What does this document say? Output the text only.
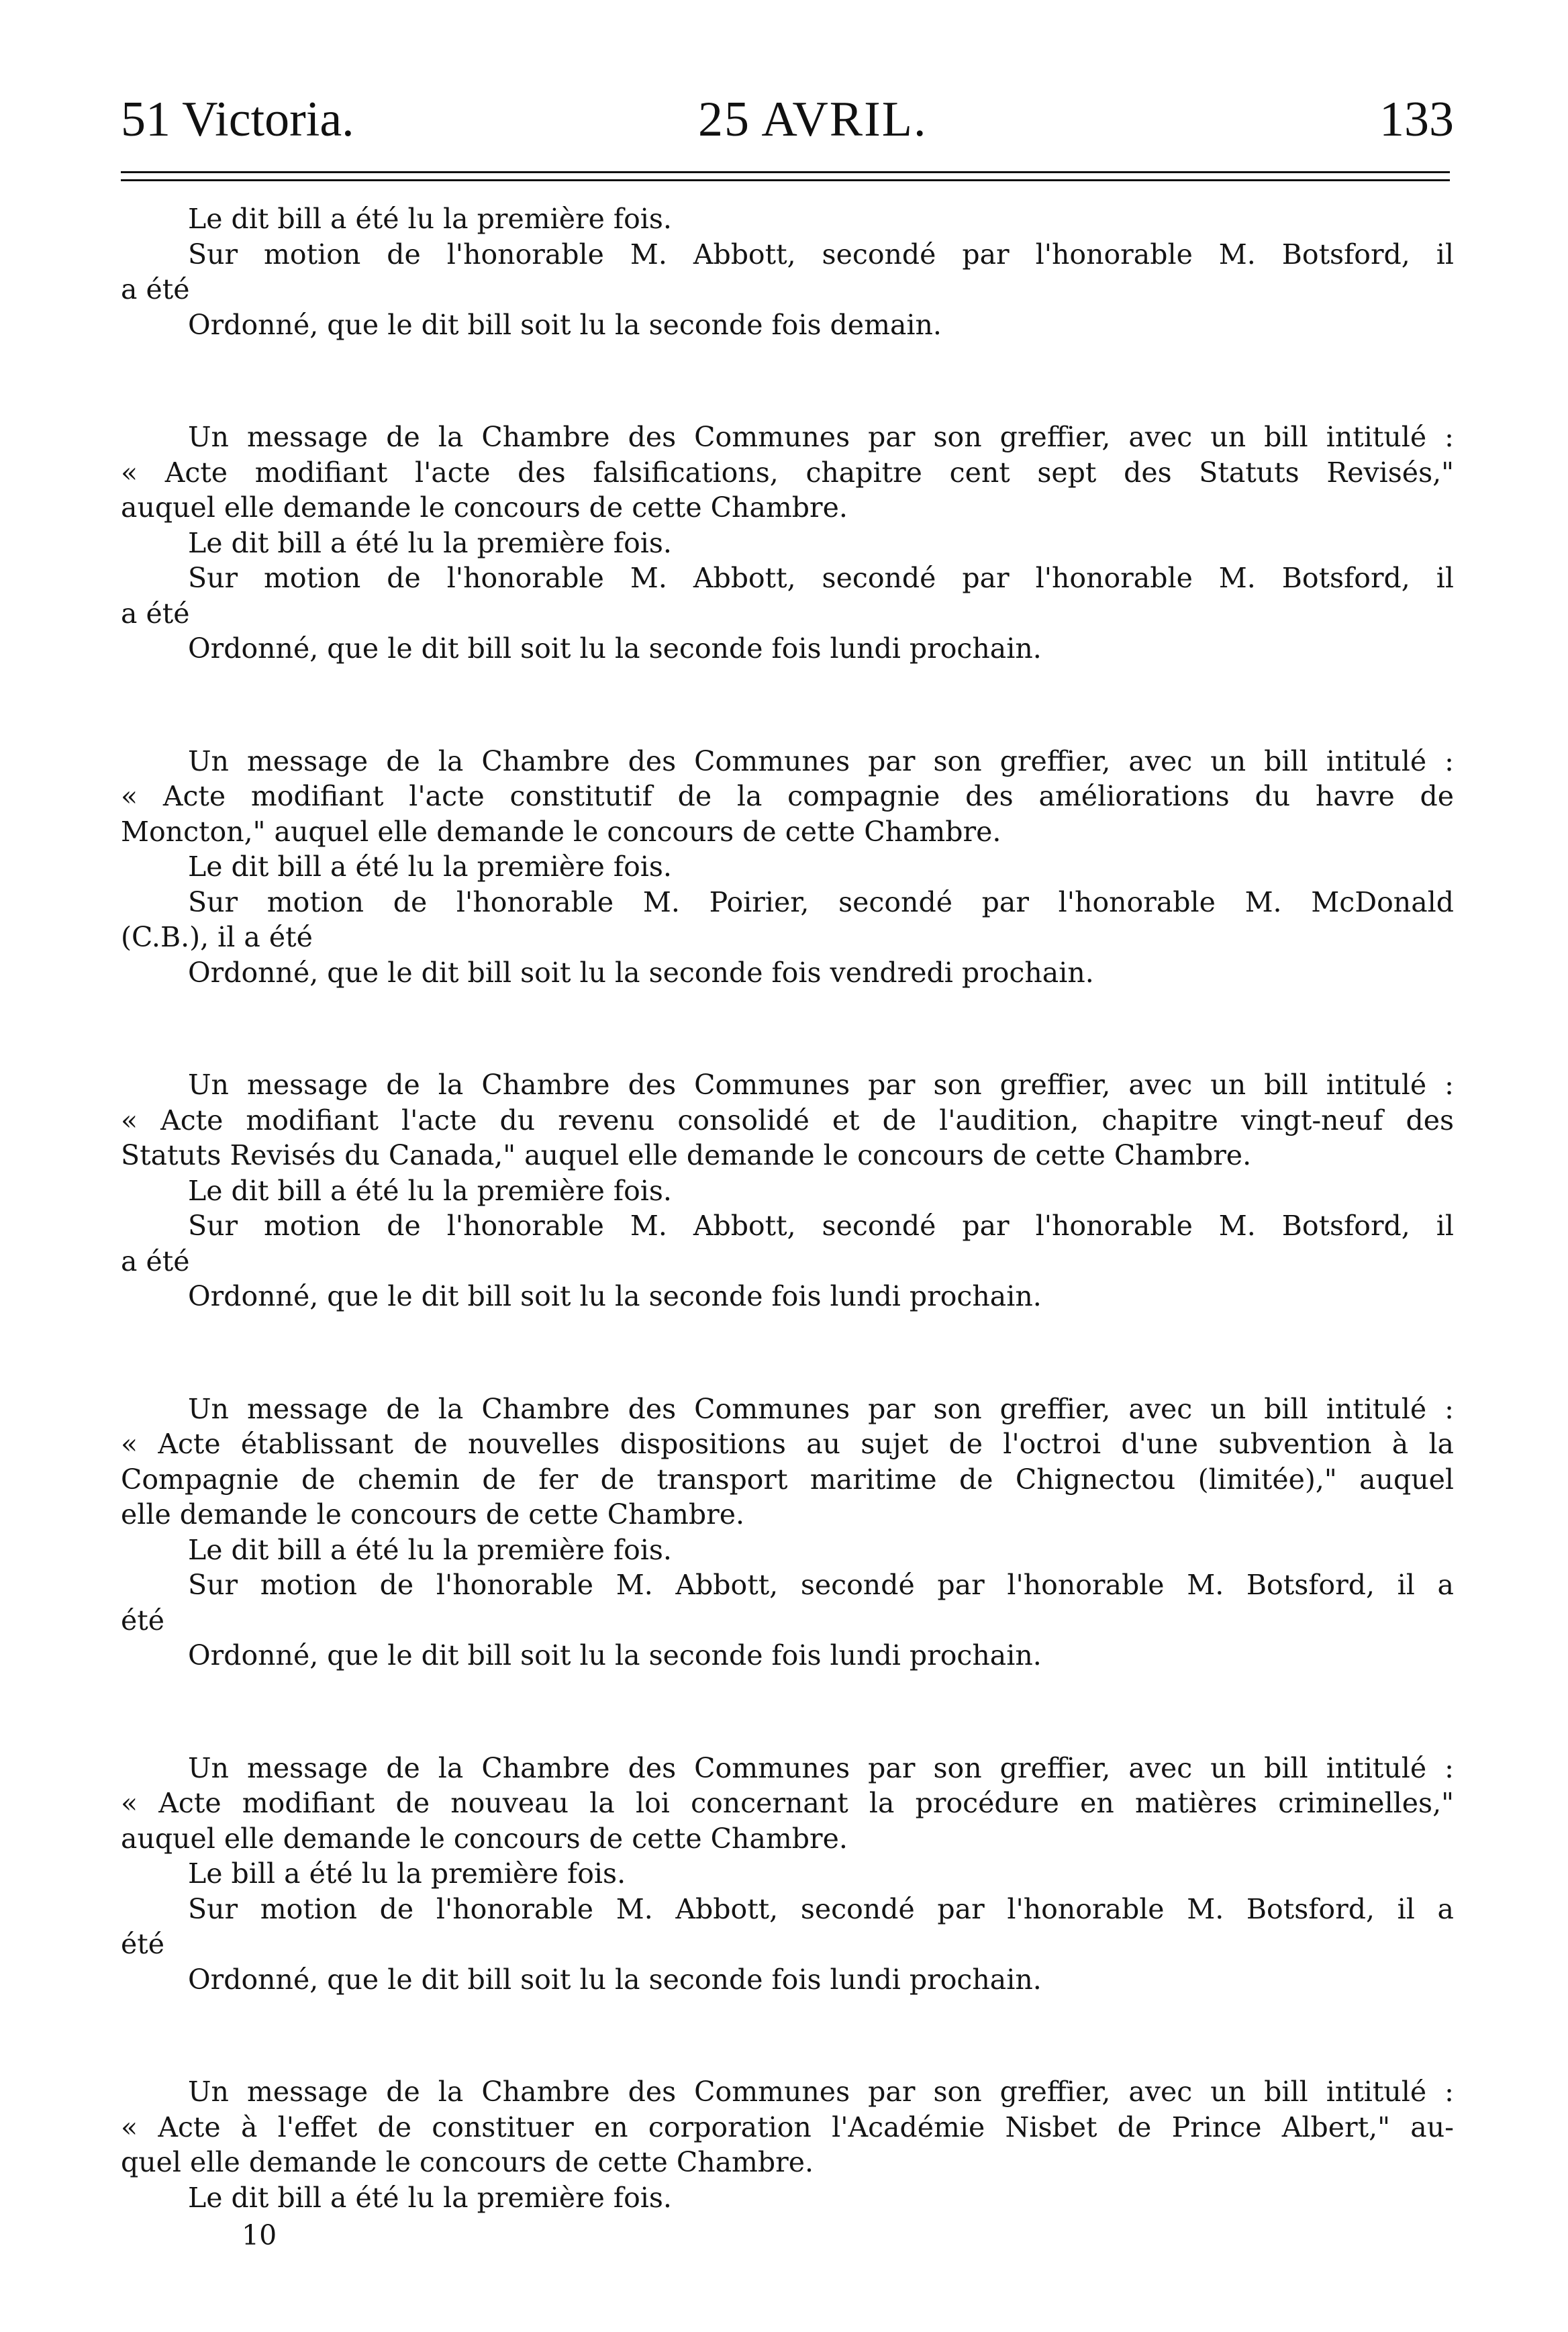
51 Victoria.	25 AVRIL.	133
Le dit bill a été lu la première fois.
Sur motion de l'honorable M. Abbott, secondé par l'honorable M. Botsford, il
a été
Ordonné, que le dit bill soit lu la seconde fois demain.
Un message de la Chambre des Communes par son greffier, avec un bill intitulé :
« Acte modifiant l'acte des falsifications, chapitre cent sept des Statuts Revisés,"
auquel elle demande le concours de cette Chambre.
Le dit bill a été lu la première fois.
Sur motion de l'honorable M. Abbott, secondé par l'honorable M. Botsford, il
a été
Ordonné, que le dit bill soit lu la seconde fois lundi prochain.
Un message de la Chambre des Communes par son greffier, avec un bill intitulé :
« Acte modifiant l'acte constitutif de la compagnie des améliorations du havre de
Moncton," auquel elle demande le concours de cette Chambre.
Le dit bill a été lu la première fois.
Sur motion de l'honorable M. Poirier, secondé par l'honorable M. McDonald
(C.B.), il a été
Ordonné, que le dit bill soit lu la seconde fois vendredi prochain.
Un message de la Chambre des Communes par son greffier, avec un bill intitulé :
« Acte modifiant l'acte du revenu consolidé et de l'audition, chapitre vingt-neuf des
Statuts Revisés du Canada," auquel elle demande le concours de cette Chambre.
Le dit bill a été lu la première fois.
Sur motion de l'honorable M. Abbott, secondé par l'honorable M. Botsford, il
a été
Ordonné, que le dit bill soit lu la seconde fois lundi prochain.
Un message de la Chambre des Communes par son greffier, avec un bill intitulé :
« Acte établissant de nouvelles dispositions au sujet de l'octroi d'une subvention à la
Compagnie de chemin de fer de transport maritime de Chignectou (limitée)," auquel
elle demande le concours de cette Chambre.
Le dit bill a été lu la première fois.
Sur motion de l'honorable M. Abbott, secondé par l'honorable M. Botsford, il a
été
Ordonné, que le dit bill soit lu la seconde fois lundi prochain.
Un message de la Chambre des Communes par son greffier, avec un bill intitulé :
« Acte modifiant de nouveau la loi concernant la procédure en matières criminelles,"
auquel elle demande le concours de cette Chambre.
Le bill a été lu la première fois.
Sur motion de l'honorable M. Abbott, secondé par l'honorable M. Botsford, il a
été
Ordonné, que le dit bill soit lu la seconde fois lundi prochain.
Un message de la Chambre des Communes par son greffier, avec un bill intitulé :
« Acte à l'effet de constituer en corporation l'Académie Nisbet de Prince Albert," au-
quel elle demande le concours de cette Chambre.
Le dit bill a été lu la première fois.
10
